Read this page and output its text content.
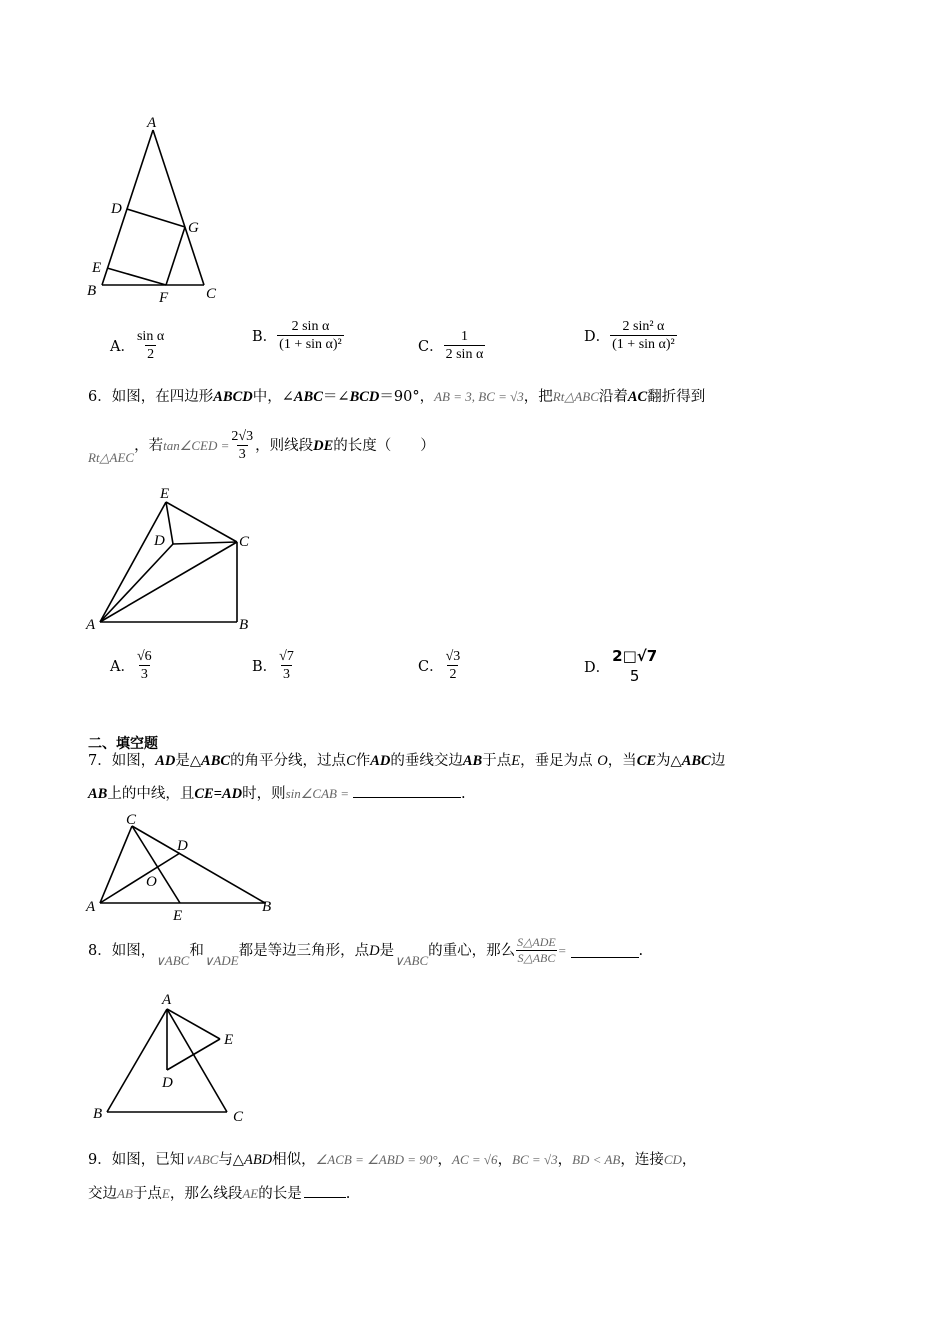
A
D
G
E
B	F	C
A． $\frac{\text{sin α}}{2}$	B． $\frac{\text{2 sin α}}{\text{(1 + sin α)²}}$	C． $\frac{1}{\text{2 sin α}}$	D． $\frac{\text{2 sin² α}}{\text{(1 + sin α)²}}$
6．如图，在四边形ABCD中，∠ABC＝∠BCD＝90°，AB = 3, BC = √3，把Rt△ABC沿着AC翻折得到
Rt△AEC
，若 tan∠CED = $\frac{2√3}{3}$ ，则线段 DE 的长度（　　）
E
D	C
A	B
A． $\frac{√6}{3}$	B． $\frac{√7}{3}$	C． $\frac{√3}{2}$	D．
2□√7
5
二、填空题
7．如图，AD是△ABC的角平分线，过点C作AD的垂线交边AB于点E，垂足为点 O，当CE为△ABC边
AB上的中线，且CE=AD时，则sin∠CAB =	.
C
D
O
A
E
B
8．如图，
∨ABC
和
∨ADE
都是等边三角形，点 D 是
∨ABC
的重心，那么 $\frac{\text{S△ADE}}{\text{S△ABC}}$ =	.
A
E
D
B	C
9．如图，已知∨ABC与△ABD相似，∠ACB = ∠ABD = 90°，AC = √6，BC = √3，BD < AB，连接CD，
交边AB于点E，那么线段AE的长是	.
